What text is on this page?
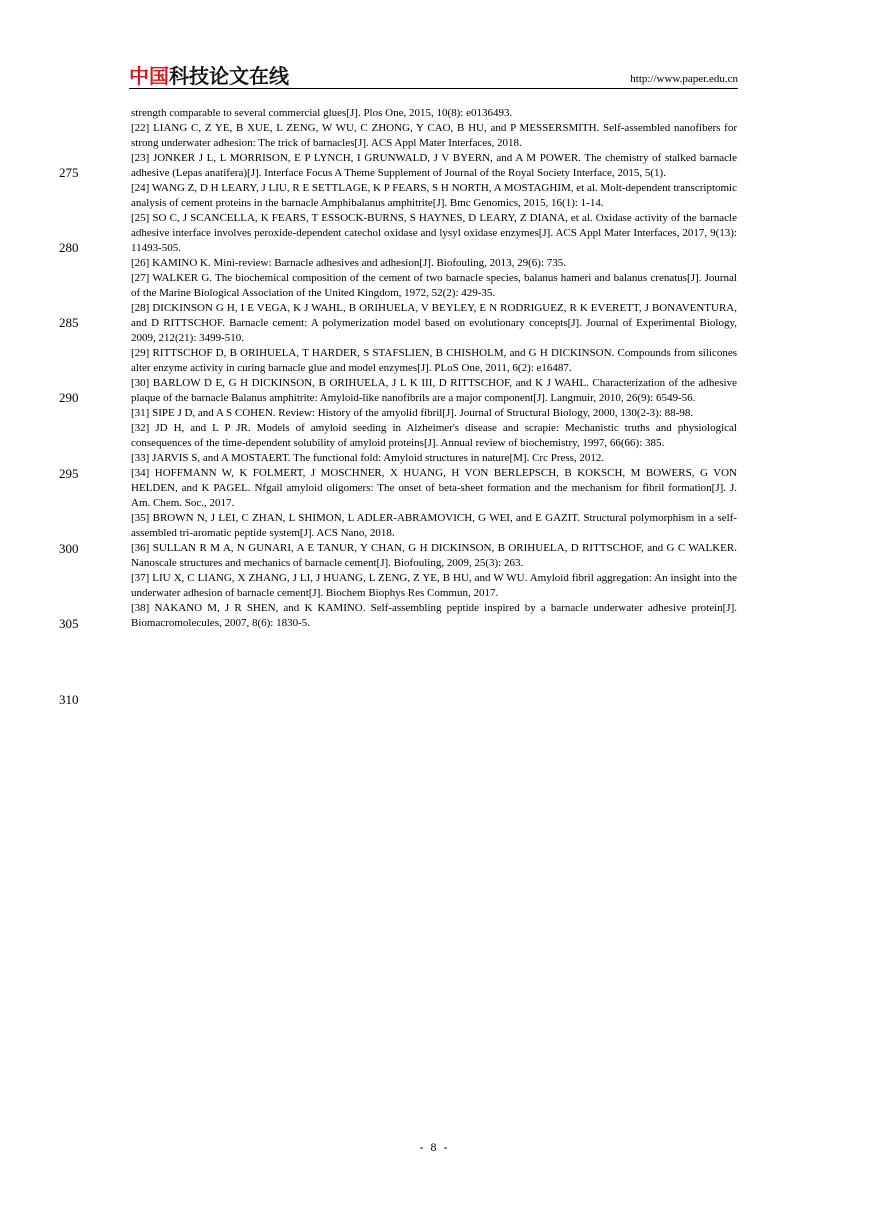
中国科技论文在线	http://www.paper.edu.cn
275
280
285
290
295
300
305
310

strength comparable to several commercial glues[J]. Plos One, 2015, 10(8): e0136493.

[22] LIANG C, Z YE, B XUE, L ZENG, W WU, C ZHONG, Y CAO, B HU, and P MESSERSMITH. Self-assembled nanofibers for strong underwater adhesion: The trick of barnacles[J]. ACS Appl Mater Interfaces, 2018.

[23] JONKER J L, L MORRISON, E P LYNCH, I GRUNWALD, J V BYERN, and A M POWER. The chemistry of stalked barnacle adhesive (Lepas anatifera)[J]. Interface Focus A Theme Supplement of Journal of the Royal Society Interface, 2015, 5(1).

[24] WANG Z, D H LEARY, J LIU, R E SETTLAGE, K P FEARS, S H NORTH, A MOSTAGHIM, et al. Molt-dependent transcriptomic analysis of cement proteins in the barnacle Amphibalanus amphitrite[J]. Bmc Genomics, 2015, 16(1): 1-14.

[25] SO C, J SCANCELLA, K FEARS, T ESSOCK-BURNS, S HAYNES, D LEARY, Z DIANA, et al. Oxidase activity of the barnacle adhesive interface involves peroxide-dependent catechol oxidase and lysyl oxidase enzymes[J]. ACS Appl Mater Interfaces, 2017, 9(13): 11493-505.

[26] KAMINO K. Mini-review: Barnacle adhesives and adhesion[J]. Biofouling, 2013, 29(6): 735.

[27] WALKER G. The biochemical composition of the cement of two barnacle species, balanus hameri and balanus crenatus[J]. Journal of the Marine Biological Association of the United Kingdom, 1972, 52(2): 429-35.

[28] DICKINSON G H, I E VEGA, K J WAHL, B ORIHUELA, V BEYLEY, E N RODRIGUEZ, R K EVERETT, J BONAVENTURA, and D RITTSCHOF. Barnacle cement: A polymerization model based on evolutionary concepts[J]. Journal of Experimental Biology, 2009, 212(21): 3499-510.

[29] RITTSCHOF D, B ORIHUELA, T HARDER, S STAFSLIEN, B CHISHOLM, and G H DICKINSON. Compounds from silicones alter enzyme activity in curing barnacle glue and model enzymes[J]. PLoS One, 2011, 6(2): e16487.

[30] BARLOW D E, G H DICKINSON, B ORIHUELA, J L K III, D RITTSCHOF, and K J WAHL. Characterization of the adhesive plaque of the barnacle Balanus amphitrite: Amyloid-like nanofibrils are a major component[J]. Langmuir, 2010, 26(9): 6549-56.

[31] SIPE J D, and A S COHEN. Review: History of the amyolid fibril[J]. Journal of Structural Biology, 2000, 130(2-3): 88-98.

[32] JD H, and L P JR. Models of amyloid seeding in Alzheimer's disease and scrapie: Mechanistic truths and physiological consequences of the time-dependent solubility of amyloid proteins[J]. Annual review of biochemistry, 1997, 66(66): 385.

[33] JARVIS S, and A MOSTAERT. The functional fold: Amyloid structures in nature[M]. Crc Press, 2012.

[34] HOFFMANN W, K FOLMERT, J MOSCHNER, X HUANG, H VON BERLEPSCH, B KOKSCH, M BOWERS, G VON HELDEN, and K PAGEL. Nfgail amyloid oligomers: The onset of beta-sheet formation and the mechanism for fibril formation[J]. J. Am. Chem. Soc., 2017.

[35] BROWN N, J LEI, C ZHAN, L SHIMON, L ADLER-ABRAMOVICH, G WEI, and E GAZIT. Structural polymorphism in a self-assembled tri-aromatic peptide system[J]. ACS Nano, 2018.

[36] SULLAN R M A, N GUNARI, A E TANUR, Y CHAN, G H DICKINSON, B ORIHUELA, D RITTSCHOF, and G C WALKER. Nanoscale structures and mechanics of barnacle cement[J]. Biofouling, 2009, 25(3): 263.

[37] LIU X, C LIANG, X ZHANG, J LI, J HUANG, L ZENG, Z YE, B HU, and W WU. Amyloid fibril aggregation: An insight into the underwater adhesion of barnacle cement[J]. Biochem Biophys Res Commun, 2017.

[38] NAKANO M, J R SHEN, and K KAMINO. Self-assembling peptide inspired by a barnacle underwater adhesive protein[J]. Biomacromolecules, 2007, 8(6): 1830-5.

- 8 -
